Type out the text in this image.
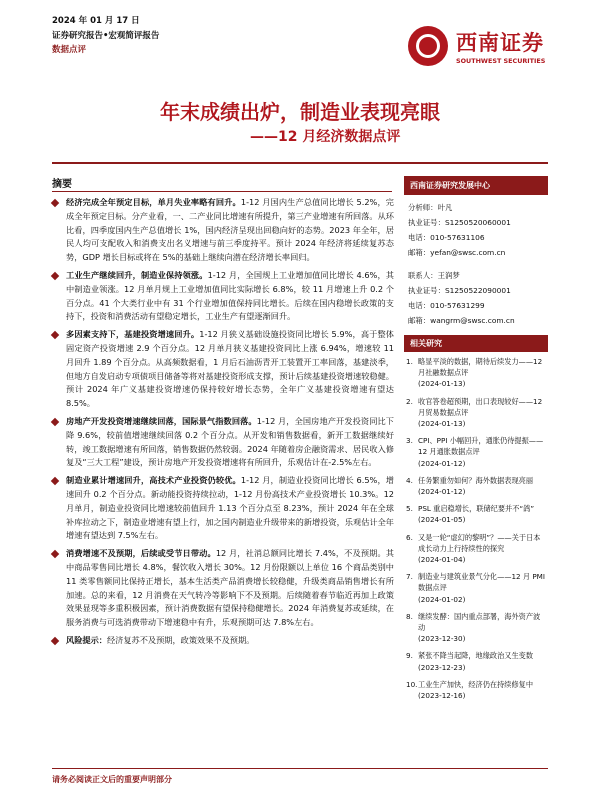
2024 年 01 月 17 日
证券研究报告•宏观简评报告
数据点评	西南证券
SOUTHWEST SECURITIES
年末成绩出炉，制造业表现亮眼
——12 月经济数据点评
摘要
经济完成全年预定目标，单月失业率略有回升。1-12 月国内生产总值同比增长 5.2%，完成全年预定目标。分产业看，一、二产业同比增速有所提升，第三产业增速有所回落。从环比看，四季度国内生产总值增长 1%，国内经济呈现出回稳向好的态势。2023 年全年，居民人均可支配收入和消费支出名义增速与前三季度持平。预计 2024 年经济将延续复苏态势，GDP 增长目标或将在 5%的基础上继续向潜在经济增长率回归。
工业生产继续回升，制造业保持领涨。1-12 月，全国规上工业增加值同比增长 4.6%，其中制造业领涨。12 月单月规上工业增加值同比实际增长 6.8%，较 11 月增速上升 0.2 个百分点。41 个大类行业中有 31 个行业增加值保持同比增长。后续在国内稳增长政策的支持下，投资和消费活动有望稳定增长，工业生产有望逐渐回升。
多因素支持下，基建投资增速回升。1-12 月狭义基础设施投资同比增长 5.9%，高于整体固定资产投资增速 2.9 个百分点。12 月单月狭义基建投资同比上涨 6.94%，增速较 11 月回升 1.89 个百分点。从高频数据看，1 月后石油沥青开工装置开工率回落，基建淡季，但地方自发启动专项债项目储备等将对基建投资形成支撑，预计后续基建投资增速较稳健。预计 2024 年广义基建投资增速仍保持较好增长态势，全年广义基建投资增速有望达 8.5%。
房地产开发投资增速继续回落，国际景气指数回落。1-12 月，全国房地产开发投资同比下降 9.6%，较前值增速继续回落 0.2 个百分点。从开发和销售数据看，新开工数据继续好转，竣工数据增速有所回落，销售数据仍然较弱。2024 年随着房企融资需求、居民收入修复及“三大工程”建设，预计房地产开发投资增速将有所回升，乐观估计在-2.5%左右。
制造业累计增速回升，高技术产业投资仍较优。1-12 月，制造业投资同比增长 6.5%，增速回升 0.2 个百分点。新动能投资持续拉动，1-12 月份高技术产业投资增长 10.3%。12 月单月，制造业投资同比增速较前值回升 1.13 个百分点至 8.23%，预计 2024 年在全球补库拉动之下，制造业增速有望上行，加之国内制造业升级带来的新增投资，乐观估计全年增速有望达到 7.5%左右。
消费增速不及预期，后续或受节日带动。12 月，社消总额同比增长 7.4%，不及预期。其中商品零售同比增长 4.8%，餐饮收入增长 30%。12 月份限额以上单位 16 个商品类别中 11 类零售额同比保持正增长，基本生活类产品消费增长较稳健，升级类商品销售增长有所加速。总的来看，12 月消费在天气转冷等影响下不及预期。后续随着春节临近再加上政策效果显现等多重积极因素，预计消费数据有望保持稳健增长。2024 年消费复苏或延续，在服务消费与可选消费带动下增速稳中有升，乐观预期可达 7.8%左右。
风险提示：经济复苏不及预期，政策效果不及预期。
西南证券研究发展中心
分析师：叶凡
执业证号：S1250520060001
电话：010-57631106
邮箱：yefan@swsc.com.cn
联系人：王润梦
执业证号：S1250522090001
电话：010-57631299
邮箱：wangrm@swsc.com.cn
相关研究
1. 略显平淡的数据，期待后续发力——12 月社融数据点评
(2024-01-13)
2. 收官答卷超预期，出口表现较好——12 月贸易数据点评
(2024-01-13)
3. CPI、PPI 小幅回升，通胀仍待提振——12 月通胀数据点评
(2024-01-12)
4. 任务繁重勿如何？海外数据表现亮丽
(2024-01-12)
5. PSL 重启稳增长，联储纪要并不“鸽”
(2024-01-05)
6. 又是一轮“虚幻的黎明”？——关于日本成长动力上行持续性的探究
(2024-01-04)
7. 制造业与建筑业景气分化——12 月 PMI 数据点评
(2024-01-02)
8. 继续发酵：国内重点部署，海外资产波动
(2023-12-30)
9. 紧张不降当起降，地缘政治又生变数
(2023-12-23)
10. 工业生产加快，经济仍在持续修复中
(2023-12-16)
请务必阅读正文后的重要声明部分
